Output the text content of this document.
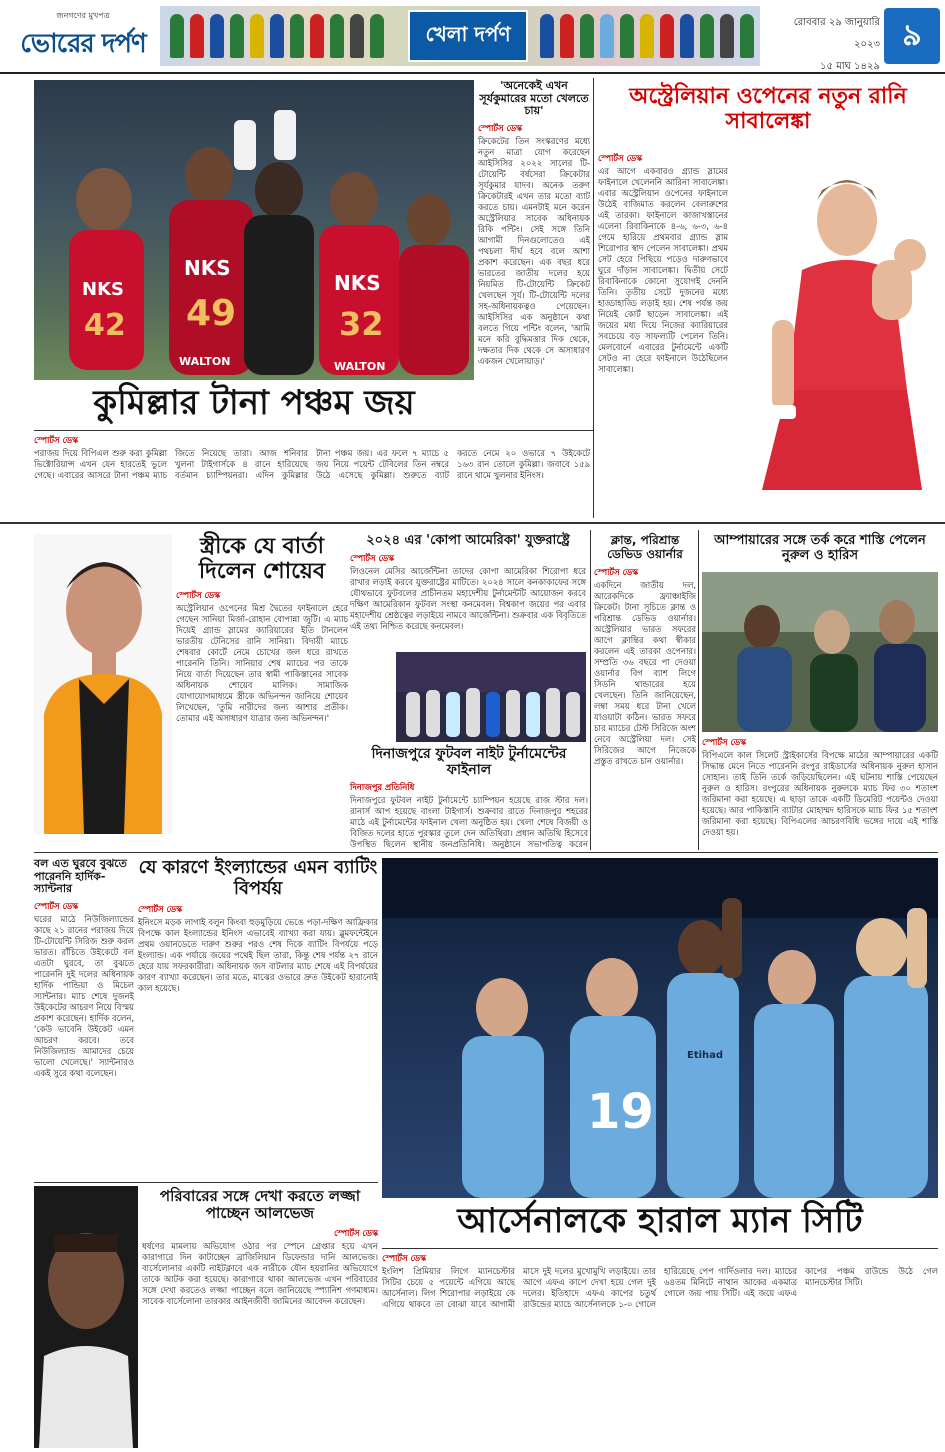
জনগণের মুখপত্র
ভোরের দর্পণ	খেলা দর্পণ	রোববার ২৯ জানুয়ারি ২০২৩
১৫ মাঘ ১৪২৯
৯
NKS
NKS
NKS
42 49	32
WALTON	WALTON
'অনেকেই এখন সূর্যকুমারের মতো খেলতে চায়'
স্পোর্টস ডেস্ক
ক্রিকেটের তিন সংস্করণের মধ্যে নতুন মাত্রা যোগ করেছেন আইসিসির ২০২২ সালের টি-টোয়েন্টি বর্ষসেরা ক্রিকেটার সূর্যকুমার যাদব। অনেক তরুণ ক্রিকেটারই এখন তার মতো ব্যাট করতে চায়। এমনটাই মনে করেন অস্ট্রেলিয়ার সাবেক অধিনায়ক রিকি পন্টিং। সেই সঙ্গে তিনি আগামী দিনগুলোতেও এই পথচলা দীর্ঘ হবে বলে আশা প্রকাশ করেছেন। এক বছর ধরে ভারতের জাতীয় দলের হয়ে নিয়মিত টি-টোয়েন্টি ক্রিকেট খেলছেন সূর্য। টি-টোয়েন্টি দলের সহ-অধিনায়কত্বও পেয়েছেন। আইসিসির এক অনুষ্ঠানে কথা বলতে গিয়ে পন্টিং বলেন, 'আমি মনে করি বুদ্ধিমত্তার দিক থেকে, দক্ষতার দিক থেকে সে অসাধারণ একজন খেলোয়াড়।'
অস্ট্রেলিয়ান ওপেনের নতুন রানি সাবালেঙ্কা
স্পোর্টস ডেস্ক
এর আগে একবারও গ্র্যান্ড স্লামের ফাইনালে খেলেননি আরিনা সাবালেঙ্কা। এবার অস্ট্রেলিয়ান ওপেনের ফাইনালে উঠেই বাজিমাত করলেন বেলারুশের এই তারকা। ফাইনালে কাজাখস্তানের এলেনা রিবাকিনাকে ৪-৬, ৬-৩, ৬-৪ গেমে হারিয়ে প্রথমবার গ্র্যান্ড স্লাম শিরোপার স্বাদ পেলেন সাবালেঙ্কা। প্রথম সেট হেরে পিছিয়ে পড়েও দারুণভাবে ঘুরে দাঁড়ান সাবালেঙ্কা। দ্বিতীয় সেটে রিবাকিনাকে কোনো সুযোগই দেননি তিনি। তৃতীয় সেটে দুজনের মধ্যে হাড্ডাহাড্ডি লড়াই হয়। শেষ পর্যন্ত জয় নিয়েই কোর্ট ছাড়েন সাবালেঙ্কা। এই জয়ের মধ্য দিয়ে নিজের ক্যারিয়ারের সবচেয়ে বড় সাফল্যটি পেলেন তিনি। মেলবোর্নে এবারের টুর্নামেন্টে একটি সেটও না হেরে ফাইনালে উঠেছিলেন সাবালেঙ্কা।
কুমিল্লার টানা পঞ্চম জয়
স্পোর্টস ডেস্ক
পরাজয় দিয়ে বিপিএল শুরু করা কুমিল্লা ভিক্টোরিয়ান্স এখন যেন হারতেই ভুলে গেছে। এবারের আসরে টানা পঞ্চম ম্যাচ জিতে নিয়েছে তারা। আজ শনিবার খুলনা টাইগার্সকে ৪ রানে হারিয়েছে বর্তমান চ্যাম্পিয়নরা। এদিন কুমিল্লার টানা পঞ্চম জয়। এর ফলে ৭ ম্যাচে ৫ জয় নিয়ে পয়েন্ট টেবিলের তিন নম্বরে উঠে এসেছে কুমিল্লা। শুরুতে ব্যাট করতে নেমে ২০ ওভারে ৭ উইকেটে ১৬৩ রান তোলে কুমিল্লা। জবাবে ১৫৯ রানে থামে খুলনার ইনিংস।
স্ত্রীকে যে বার্তা দিলেন শোয়েব
স্পোর্টস ডেস্ক
অস্ট্রেলিয়ান ওপেনের মিশ্র দ্বৈতের ফাইনালে হেরে গেছেন সানিয়া মির্জা-রোহান বোপান্না জুটি। এ ম্যাচ দিয়েই গ্র্যান্ড স্লামের ক্যারিয়ারের ইতি টানলেন ভারতীয় টেনিসের রানি সানিয়া। বিদায়ী ম্যাচে শেষবার কোর্টে নেমে চোখের জল ধরে রাখতে পারেননি তিনি। সানিয়ার শেষ ম্যাচের পর তাকে নিয়ে বার্তা দিয়েছেন তার স্বামী পাকিস্তানের সাবেক অধিনায়ক শোয়েব মালিক। সামাজিক যোগাযোগমাধ্যমে স্ত্রীকে অভিনন্দন জানিয়ে শোয়েব লিখেছেন, 'তুমি নারীদের জন্য আশার প্রতীক। তোমার এই অসাধারণ যাত্রার জন্য অভিনন্দন।'
২০২৪ এর 'কোপা আমেরিকা' যুক্তরাষ্ট্রে
স্পোর্টস ডেস্ক
লিওনেল মেসির আর্জেন্টিনা তাদের কোপা আমেরিকা শিরোপা ধরে রাখার লড়াই করবে যুক্তরাষ্ট্রের মাটিতে। ২০২৪ সালে কনকাকাফের সঙ্গে যৌথভাবে ফুটবলের প্রাচীনতম মহাদেশীয় টুর্নামেন্টটি আয়োজন করবে দক্ষিণ আমেরিকান ফুটবল সংস্থা কনমেবল। বিশ্বকাপ জয়ের পর এবার মহাদেশীয় শ্রেষ্ঠত্বের লড়াইয়ে নামবে আর্জেন্টিনা। শুক্রবার এক বিবৃতিতে এই তথ্য নিশ্চিত করেছে কনমেবল।
দিনাজপুরে ফুটবল নাইট টুর্নামেন্টের ফাইনাল
দিনাজপুর প্রতিনিধি
দিনাজপুরে ফুটবল নাইট টুর্নামেন্টে চ্যাম্পিয়ন হয়েছে রাজ স্টার দল। রানার্স আপ হয়েছে বাংলা টাইগার্স। শুক্রবার রাতে দিনাজপুর শহরের মাঠে এই টুর্নামেন্টের ফাইনাল খেলা অনুষ্ঠিত হয়। খেলা শেষে বিজয়ী ও বিজিত দলের হাতে পুরস্কার তুলে দেন অতিথিরা। প্রধান অতিথি হিসেবে উপস্থিত ছিলেন স্থানীয় জনপ্রতিনিধি। অনুষ্ঠানে সভাপতিত্ব করেন
ক্লান্ত, পরিশ্রান্ত ডেভিড ওয়ার্নার
স্পোর্টস ডেস্ক
একদিনে জাতীয় দল, আরেকদিকে ফ্র্যাঞ্চাইজি ক্রিকেট। টানা সূচিতে ক্লান্ত ও পরিশ্রান্ত ডেভিড ওয়ার্নার। অস্ট্রেলিয়ার ভারত সফরের আগে ক্লান্তির কথা স্বীকার করলেন এই তারকা ওপেনার। সম্প্রতি ৩৬ বছরে পা দেওয়া ওয়ার্নার বিগ ব্যাশ লিগে সিডনি থান্ডারের হয়ে খেলছেন। তিনি জানিয়েছেন, লম্বা সময় ধরে টানা খেলে যাওয়াটা কঠিন। ভারত সফরে চার ম্যাচের টেস্ট সিরিজে অংশ নেবে অস্ট্রেলিয়া দল। সেই সিরিজের আগে নিজেকে প্রস্তুত রাখতে চান ওয়ার্নার।
আম্পায়ারের সঙ্গে তর্ক করে শাস্তি পেলেন নুরুল ও হারিস
স্পোর্টস ডেস্ক
বিপিএলে কাল সিলেট স্ট্রাইকার্সের বিপক্ষে মাঠের আম্পায়ারের একটি সিদ্ধান্ত মেনে নিতে পারেননি রংপুর রাইডার্সের অধিনায়ক নুরুল হাসান সোহান। তাই তিনি তর্কে জড়িয়েছিলেন। এই ঘটনায় শাস্তি পেয়েছেন নুরুল ও হারিস। রংপুরের অধিনায়ক নুরুলকে ম্যাচ ফির ৩০ শতাংশ জরিমানা করা হয়েছে। এ ছাড়া তাকে একটি ডিমেরিট পয়েন্টও দেওয়া হয়েছে। আর পাকিস্তানি ব্যাটার মোহাম্মদ হারিসকে ম্যাচ ফির ১৫ শতাংশ জরিমানা করা হয়েছে। বিপিএলের আচরণবিধি ভঙ্গের দায়ে এই শাস্তি দেওয়া হয়।
বল এত ঘুরবে বুঝতে পারেননি হার্দিক-স্যান্টনার
স্পোর্টস ডেস্ক
ঘরের মাঠে নিউজিল্যান্ডের কাছে ২১ রানের পরাজয় দিয়ে টি-টোয়েন্টি সিরিজ শুরু করল ভারত। রাঁচিতে উইকেটে বল এতটা ঘুরবে, তা বুঝতে পারেননি দুই দলের অধিনায়ক হার্দিক পান্ডিয়া ও মিচেল স্যান্টনার। ম্যাচ শেষে দুজনই উইকেটের আচরণ নিয়ে বিস্ময় প্রকাশ করেছেন। হার্দিক বলেন, 'কেউ ভাবেনি উইকেট এমন আচরণ করবে। তবে নিউজিল্যান্ড আমাদের চেয়ে ভালো খেলেছে।' স্যান্টনারও একই সুরে কথা বলেছেন।
যে কারণে ইংল্যান্ডের এমন ব্যাটিং বিপর্যয়
স্পোর্টস ডেস্ক
ইনিংসে মড়ক লাগাই বলুন কিংবা হুড়মুড়িয়ে ভেঙে পড়া-দক্ষিণ আফ্রিকার বিপক্ষে কাল ইংল্যান্ডের ইনিংস এভাবেই ব্যাখ্যা করা যায়। ব্লুমফন্টেইনে প্রথম ওয়ানডেতে দারুণ শুরুর পরও শেষ দিকে ব্যাটিং বিপর্যয়ে পড়ে ইংল্যান্ড। এক পর্যায়ে জয়ের পথেই ছিল তারা, কিন্তু শেষ পর্যন্ত ২৭ রানে হেরে যায় সফরকারীরা। অধিনায়ক জস বাটলার ম্যাচ শেষে এই বিপর্যয়ের কারণ ব্যাখ্যা করেছেন। তার মতে, মাঝের ওভারে দ্রুত উইকেট হারানোই কাল হয়েছে।
19
Etihad
পরিবারের সঙ্গে দেখা করতে লজ্জা পাচ্ছেন আলভেজ
স্পোর্টস ডেস্ক
ধর্ষণের মামলায় অভিযোগ ওঠার পর স্পেনে গ্রেপ্তার হয়ে এখন কারাগারে দিন কাটাচ্ছেন ব্রাজিলিয়ান ডিফেন্ডার দানি আলভেজ। বার্সেলোনার একটি নাইটক্লাবে এক নারীকে যৌন হয়রানির অভিযোগে তাকে আটক করা হয়েছে। কারাগারে থাকা আলভেজ এখন পরিবারের সঙ্গে দেখা করতেও লজ্জা পাচ্ছেন বলে জানিয়েছে স্প্যানিশ গণমাধ্যম। সাবেক বার্সেলোনা তারকার আইনজীবী জামিনের আবেদন করেছেন।
আর্সেনালকে হারাল ম্যান সিটি
স্পোর্টস ডেস্ক
ইংলিশ প্রিমিয়ার লিগে ম্যানচেস্টার সিটির চেয়ে ৫ পয়েন্টে এগিয়ে আছে আর্সেনাল। লিগ শিরোপার লড়াইয়ে কে এগিয়ে থাকবে তা বোঝা যাবে আগামী মাসে দুই দলের মুখোমুখি লড়াইয়ে। তার আগে এফএ কাপে দেখা হয়ে গেল দুই দলের। ইতিহাদে এফএ কাপের চতুর্থ রাউন্ডের ম্যাচে আর্সেনালকে ১-০ গোলে হারিয়েছে পেপ গার্দিওলার দল। ম্যাচের ৬৪তম মিনিটে নাথান আকের একমাত্র গোলে জয় পায় সিটি। এই জয়ে এফএ কাপের পঞ্চম রাউন্ডে উঠে গেল ম্যানচেস্টার সিটি।
